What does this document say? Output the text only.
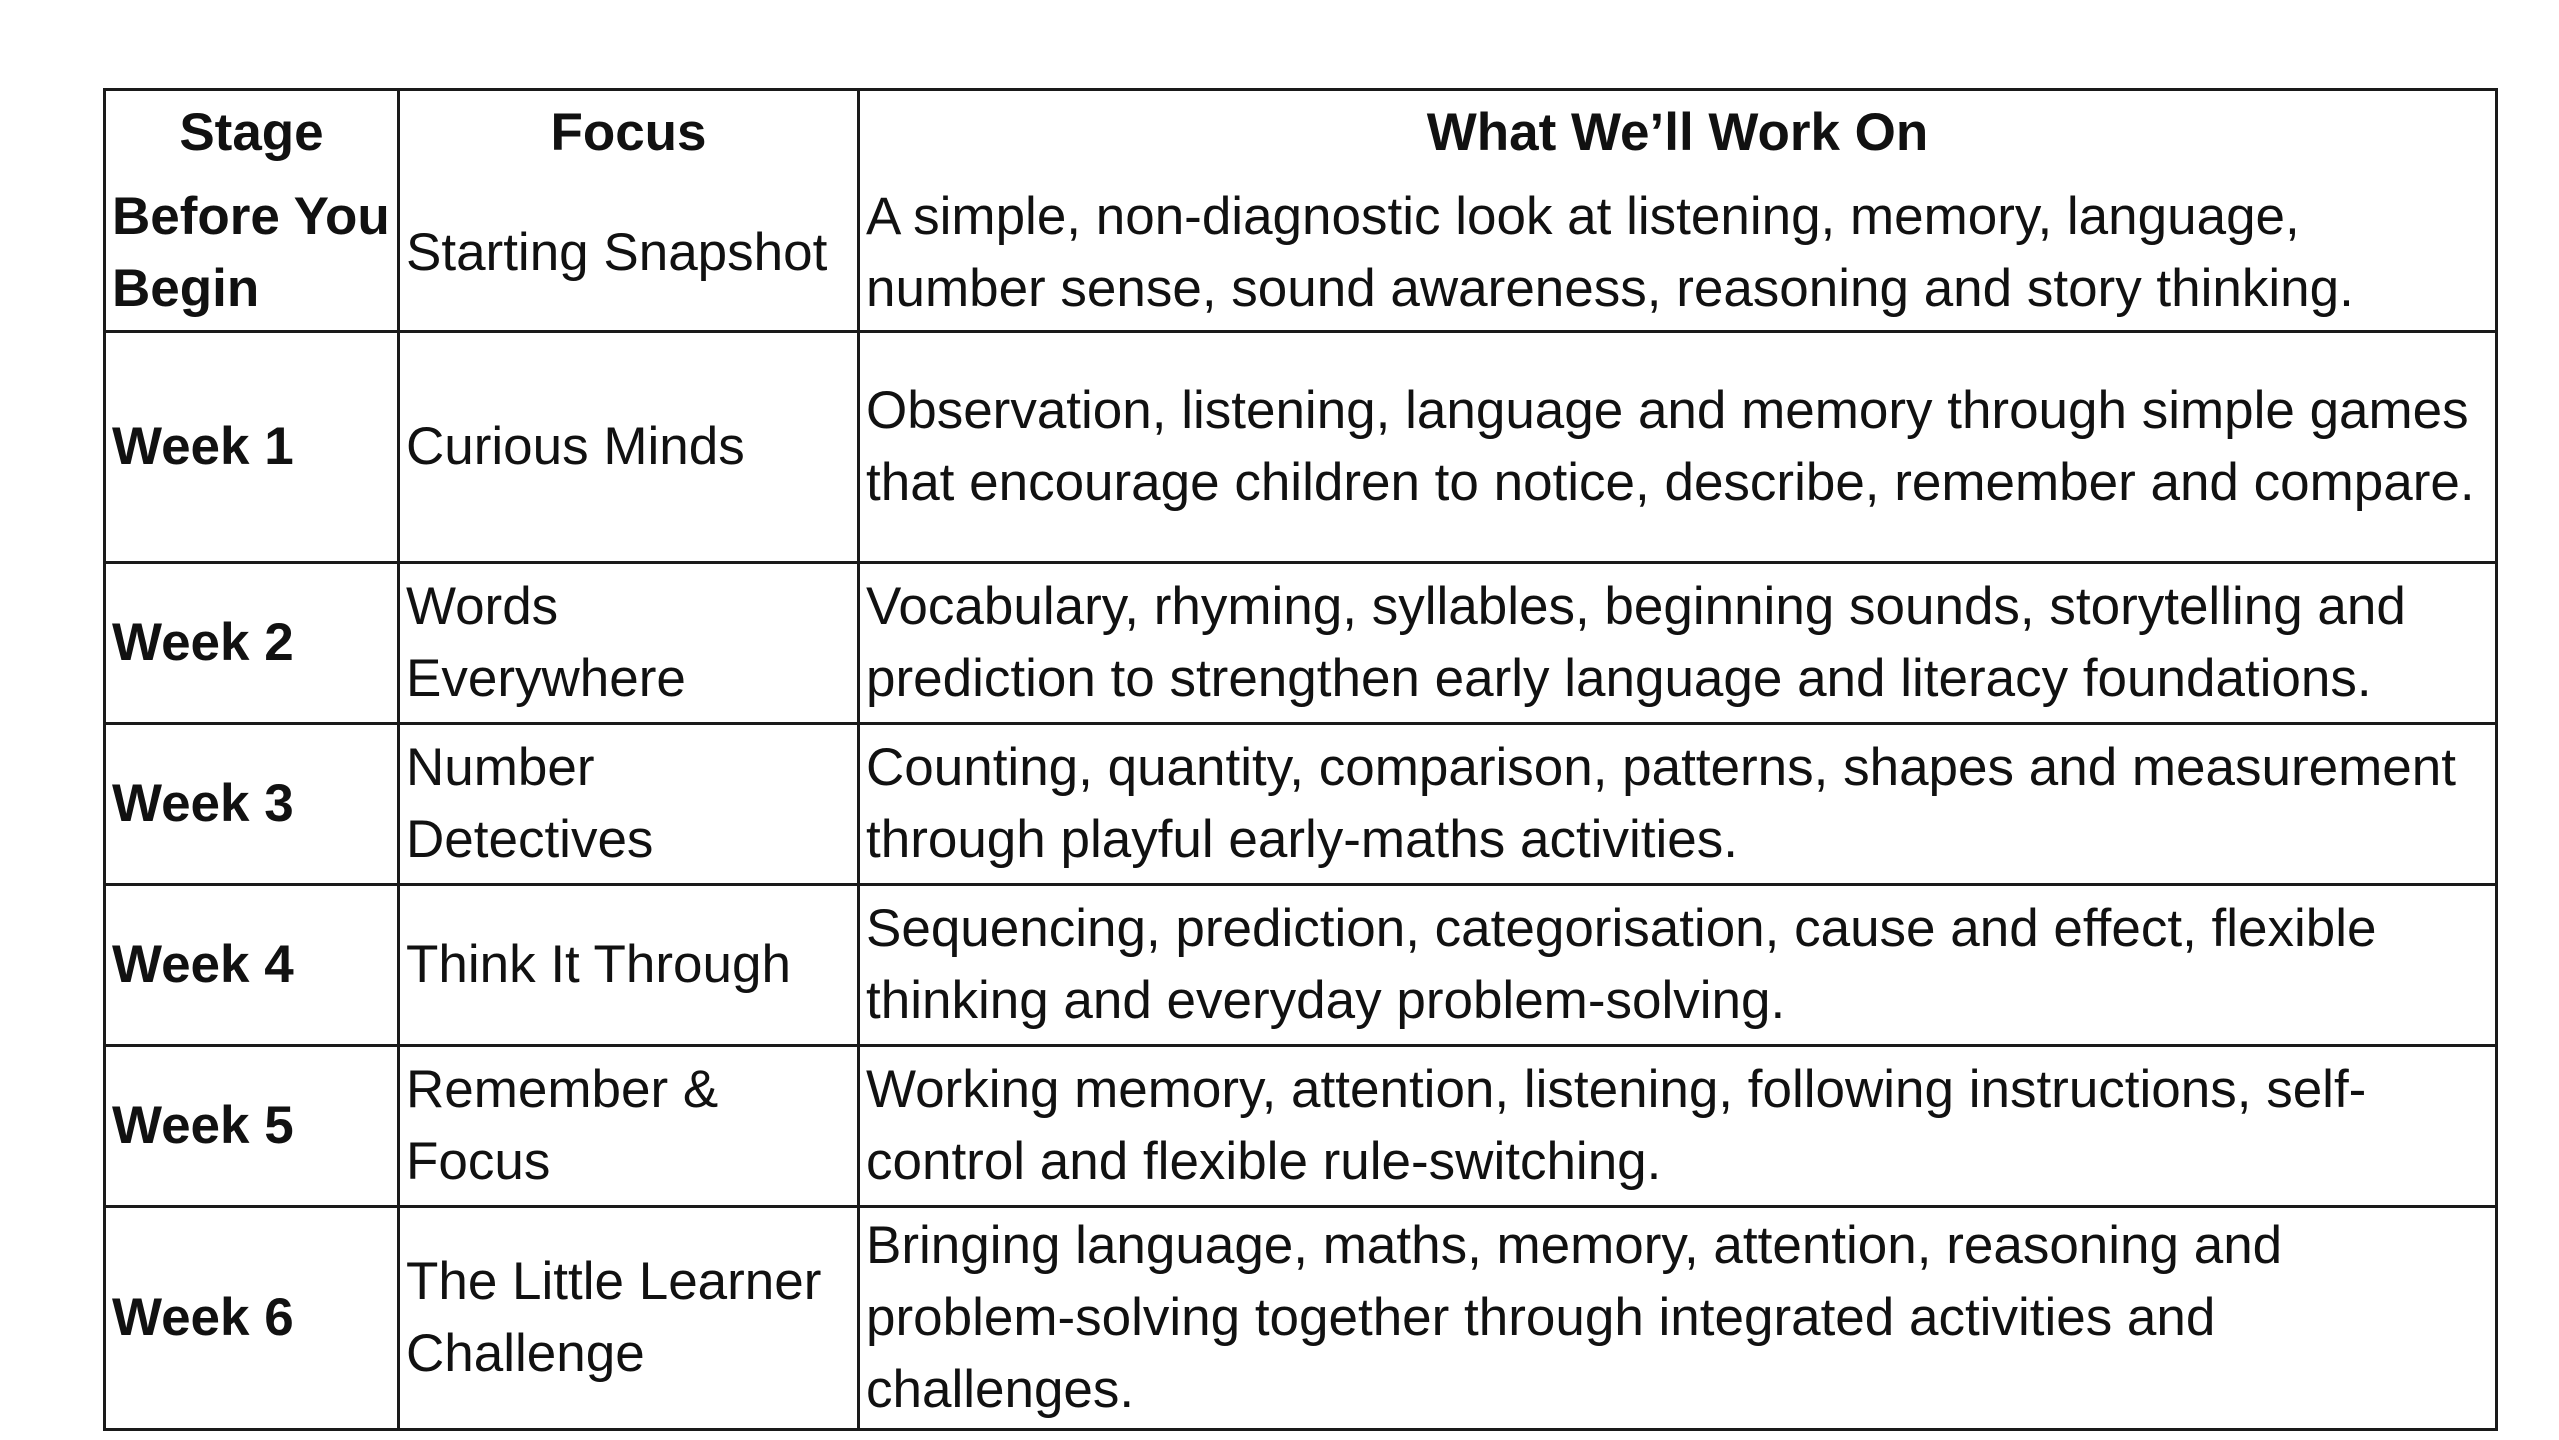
Stage	Focus	What We’ll Work On
Before You Begin	Starting Snapshot	A simple, non-diagnostic look at listening, memory, language, number sense, sound awareness, reasoning and story thinking.
Week 1	Curious Minds	Observation, listening, language and memory through simple games that encourage children to notice, describe, remember and compare.
Week 2	Words Everywhere	Vocabulary, rhyming, syllables, beginning sounds, storytelling and prediction to strengthen early language and literacy foundations.
Week 3	Number Detectives	Counting, quantity, comparison, patterns, shapes and measurement through playful early-maths activities.
Week 4	Think It Through	Sequencing, prediction, categorisation, cause and effect, flexible thinking and everyday problem-solving.
Week 5	Remember & Focus	Working memory, attention, listening, following instructions, self-control and flexible rule-switching.
Week 6	The Little Learner Challenge	Bringing language, maths, memory, attention, reasoning and problem-solving together through integrated activities and challenges.
